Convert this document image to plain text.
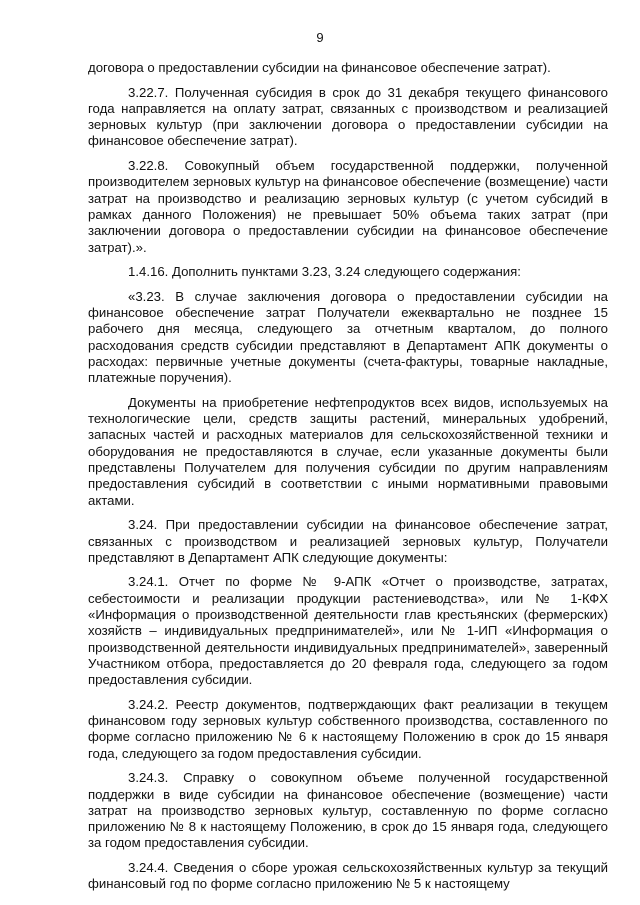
9

договора о предоставлении субсидии на финансовое обеспечение затрат).

3.22.7. Полученная субсидия в срок до 31 декабря текущего финансового года направляется на оплату затрат, связанных с производством и реализацией зерновых культур (при заключении договора о предоставлении субсидии на финансовое обеспечение затрат).

3.22.8. Совокупный объем государственной поддержки, полученной производителем зерновых культур на финансовое обеспечение (возмещение) части затрат на производство и реализацию зерновых культур (с учетом субсидий в рамках данного Положения) не превышает 50% объема таких затрат (при заключении договора о предоставлении субсидии на финансовое обеспечение затрат).».

1.4.16. Дополнить пунктами 3.23, 3.24 следующего содержания:

«3.23. В случае заключения договора о предоставлении субсидии на финансовое обеспечение затрат Получатели ежеквартально не позднее 15 рабочего дня месяца, следующего за отчетным кварталом, до полного расходования средств субсидии представляют в Департамент АПК документы о расходах: первичные учетные документы (счета-фактуры, товарные накладные, платежные поручения).

Документы на приобретение нефтепродуктов всех видов, используемых на технологические цели, средств защиты растений, минеральных удобрений, запасных частей и расходных материалов для сельскохозяйственной техники и оборудования не предоставляются в случае, если указанные документы были представлены Получателем для получения субсидии по другим направлениям предоставления субсидий в соответствии с иными нормативными правовыми актами.

3.24. При предоставлении субсидии на финансовое обеспечение затрат, связанных с производством и реализацией зерновых культур, Получатели представляют в Департамент АПК следующие документы:

3.24.1. Отчет по форме № 9-АПК «Отчет о производстве, затратах, себестоимости и реализации продукции растениеводства», или № 1-КФХ «Информация о производственной деятельности глав крестьянских (фермерских) хозяйств – индивидуальных предпринимателей», или № 1-ИП «Информация о производственной деятельности индивидуальных предпринимателей», заверенный Участником отбора, предоставляется до 20 февраля года, следующего за годом предоставления субсидии.

3.24.2. Реестр документов, подтверждающих факт реализации в текущем финансовом году зерновых культур собственного производства, составленного по форме согласно приложению № 6 к настоящему Положению в срок до 15 января года, следующего за годом предоставления субсидии.

3.24.3. Справку о совокупном объеме полученной государственной поддержки в виде субсидии на финансовое обеспечение (возмещение) части затрат на производство зерновых культур, составленную по форме согласно приложению № 8 к настоящему Положению, в срок до 15 января года, следующего за годом предоставления субсидии.

3.24.4. Сведения о сборе урожая сельскохозяйственных культур за текущий финансовый год по форме согласно приложению № 5 к настоящему
